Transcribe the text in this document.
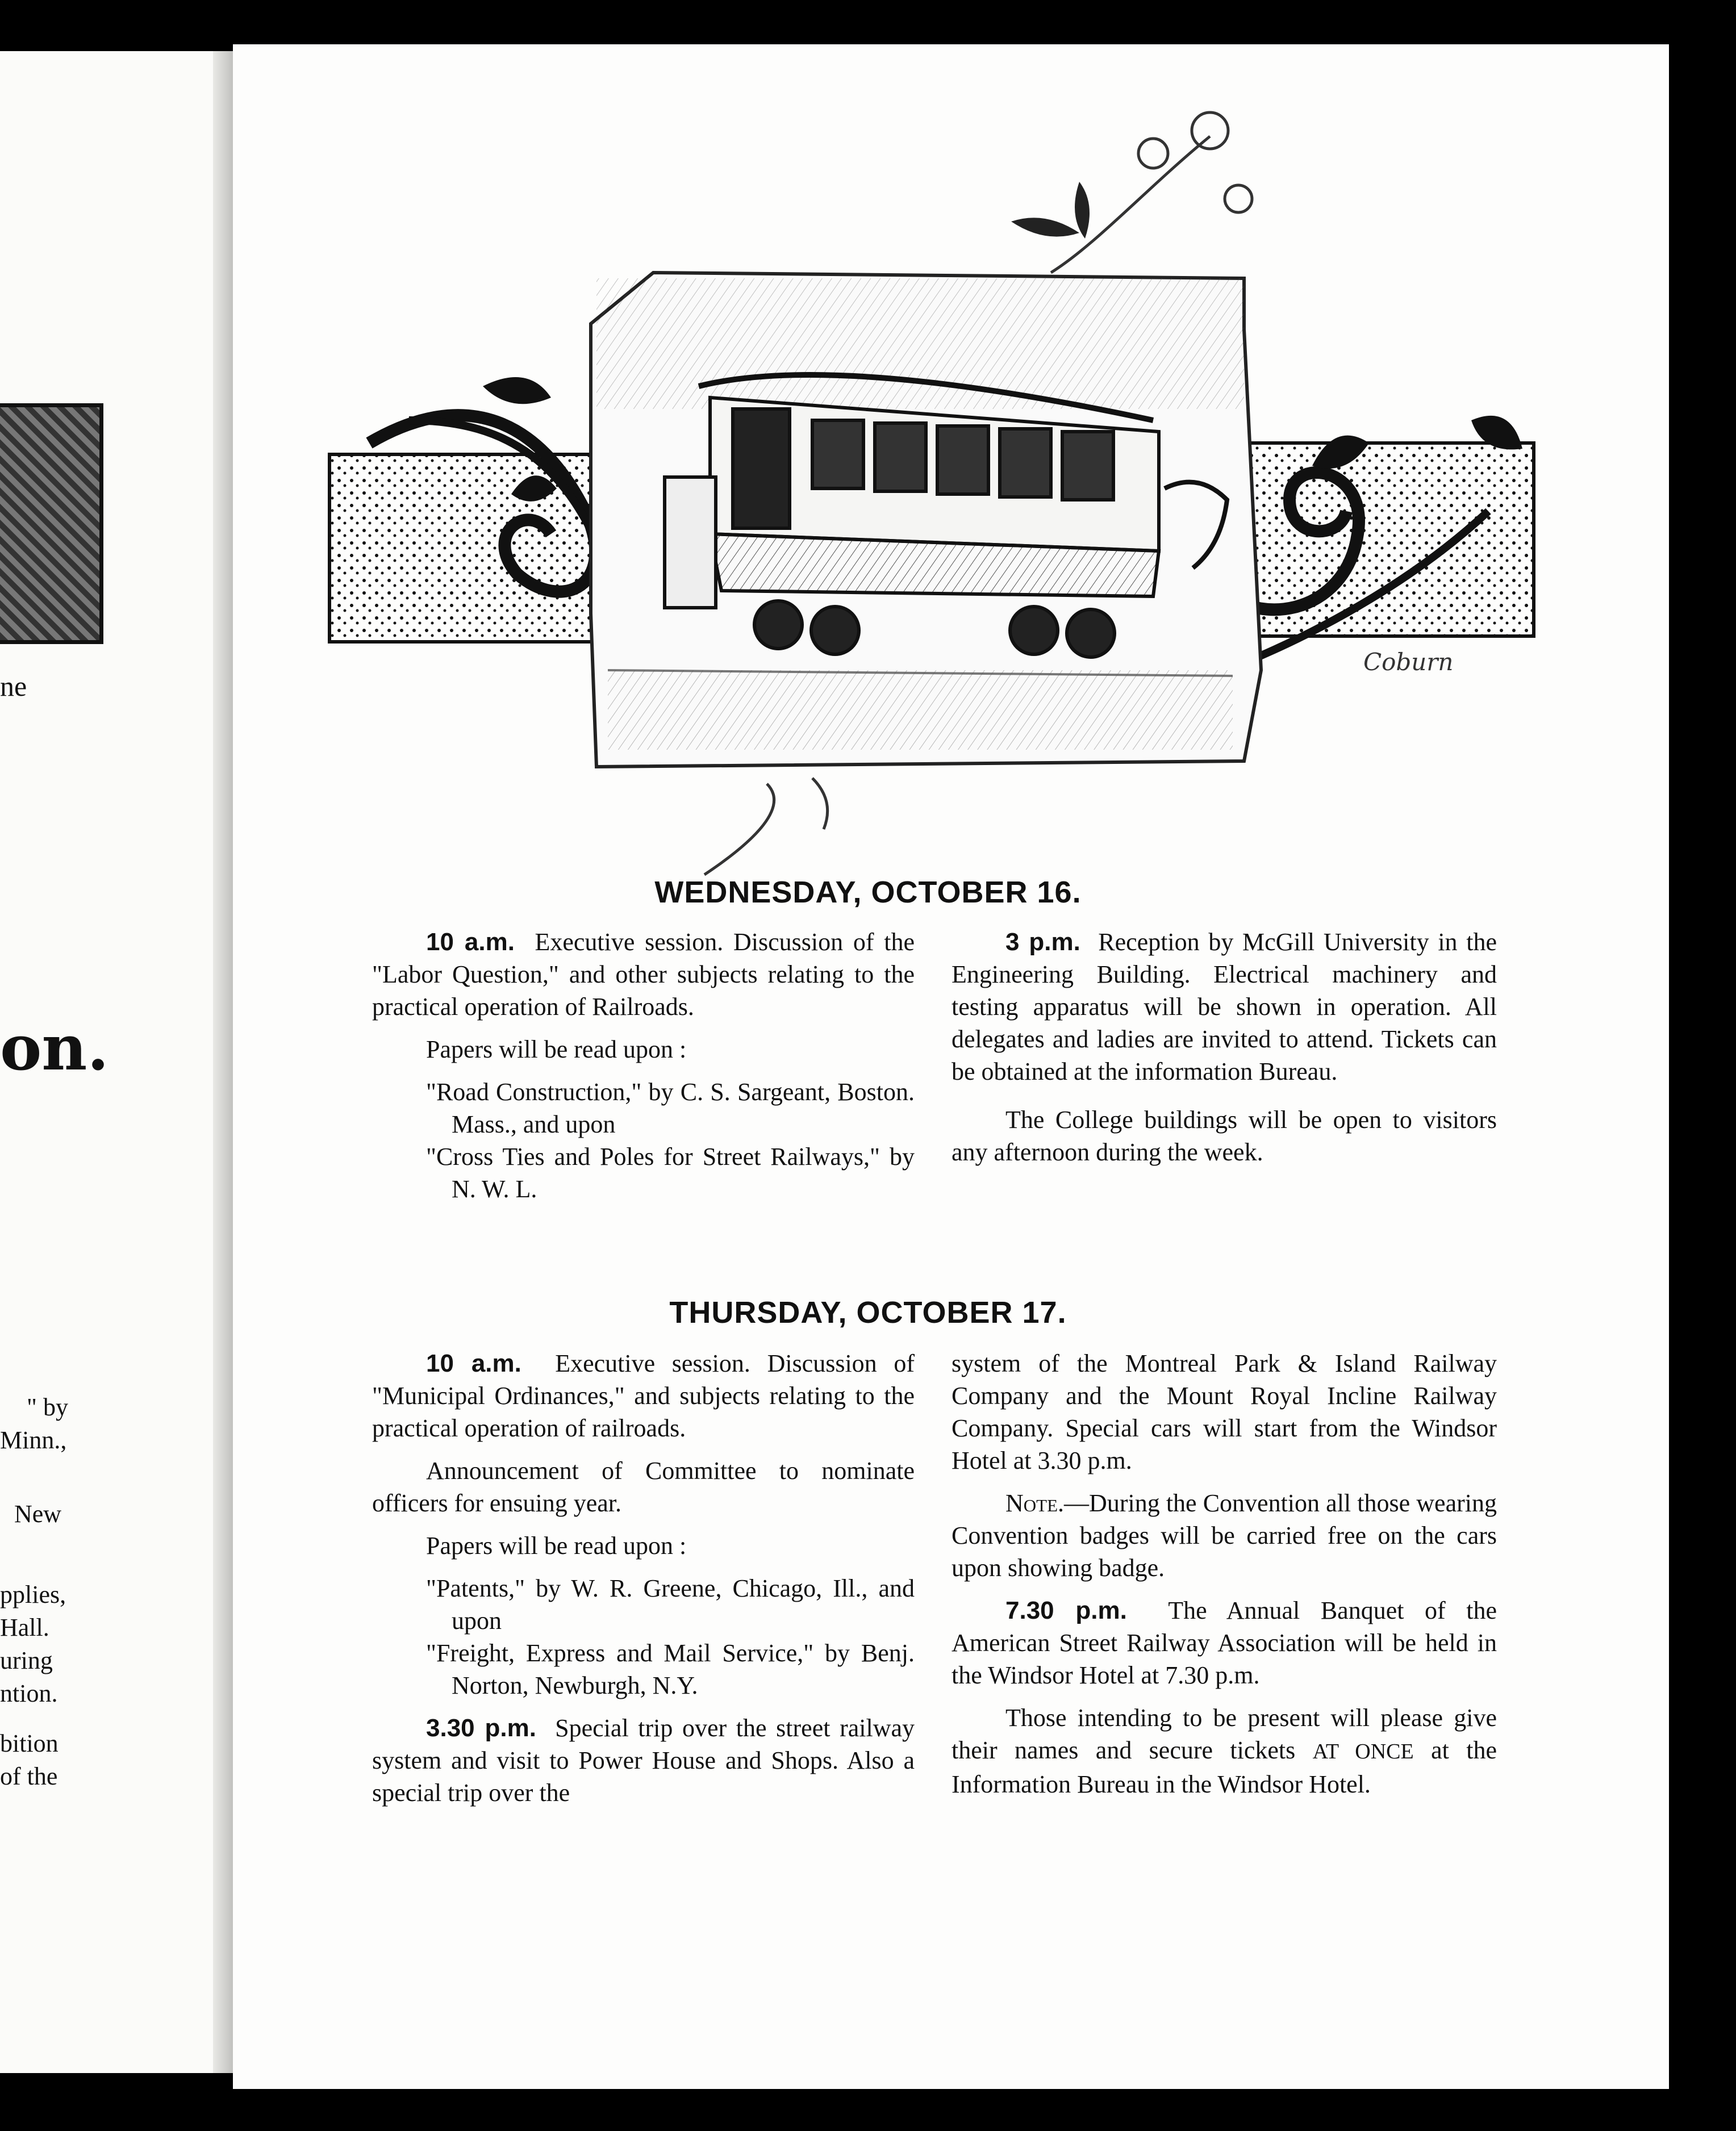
ne
on.
" by
Minn.,
New
pplies,
Hall.
uring
ntion.
bition
of the
Coburn
WEDNESDAY, OCTOBER 16.

10 a.m. Executive session. Discussion of the "Labor Question," and other subjects relating to the practical operation of Railroads.

Papers will be read upon :

"Road Construction," by C. S. Sargeant, Boston. Mass., and upon

"Cross Ties and Poles for Street Railways," by N. W. L.

3 p.m. Reception by McGill University in the Engineering Building. Electrical machinery and testing apparatus will be shown in operation. All delegates and ladies are invited to attend. Tickets can be obtained at the information Bureau.

The College buildings will be open to visitors any afternoon during the week.

THURSDAY, OCTOBER 17.

10 a.m. Executive session. Discussion of "Municipal Ordinances," and subjects relating to the practical operation of railroads.

Announcement of Committee to nominate officers for ensuing year.

Papers will be read upon :

"Patents," by W. R. Greene, Chicago, Ill., and upon

"Freight, Express and Mail Service," by Benj. Norton, Newburgh, N.Y.

3.30 p.m. Special trip over the street railway system and visit to Power House and Shops. Also a special trip over the

system of the Montreal Park & Island Railway Company and the Mount Royal Incline Railway Company. Special cars will start from the Windsor Hotel at 3.30 p.m.

Note.—During the Convention all those wearing Convention badges will be carried free on the cars upon showing badge.

7.30 p.m. The Annual Banquet of the American Street Railway Association will be held in the Windsor Hotel at 7.30 p.m.

Those intending to be present will please give their names and secure tickets AT ONCE at the Information Bureau in the Windsor Hotel.
